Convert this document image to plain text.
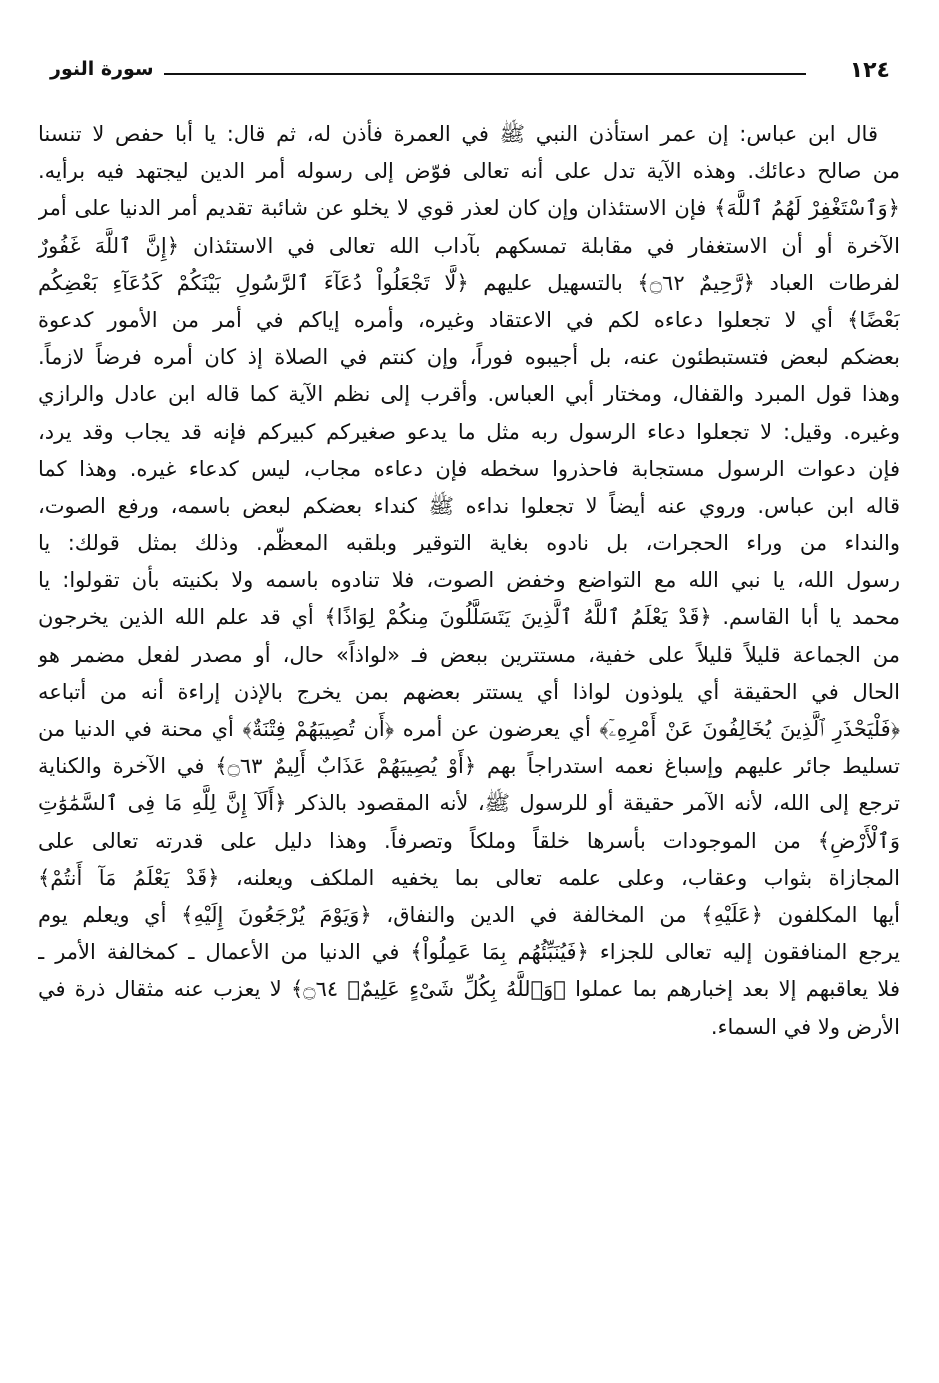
١٢٤
سورة النور
قال ابن عباس: إن عمر استأذن النبي ﷺ في العمرة فأذن له، ثم قال: يا أبا حفص لا تنسنا
من صالح دعائك. وهذه الآية تدل على أنه تعالى فوّض إلى رسوله أمر الدين ليجتهد فيه برأيه.
﴿وَٱسْتَغْفِرْ لَهُمُ ٱللَّهَ﴾ فإن الاستئذان وإن كان لعذر قوي لا يخلو عن شائبة تقديم أمر الدنيا على أمر
الآخرة أو أن الاستغفار في مقابلة تمسكهم بآداب الله تعالى في الاستئذان ﴿إِنَّ ٱللَّهَ غَفُورٌ
لفرطات العباد ﴿رَّحِيمٌ ۝٦٢﴾ بالتسهيل عليهم ﴿لَّا تَجْعَلُواْ دُعَآءَ ٱلرَّسُولِ بَيْنَكُمْ كَدُعَآءِ بَعْضِكُم
بَعْضًا﴾ أي لا تجعلوا دعاءه لكم في الاعتقاد وغيره، وأمره إياكم في أمر من الأمور كدعوة
بعضكم لبعض فتستبطئون عنه، بل أجيبوه فوراً، وإن كنتم في الصلاة إذ كان أمره فرضاً لازماً.
وهذا قول المبرد والقفال، ومختار أبي العباس. وأقرب إلى نظم الآية كما قاله ابن عادل والرازي
وغيره. وقيل: لا تجعلوا دعاء الرسول ربه مثل ما يدعو صغيركم كبيركم فإنه قد يجاب وقد يرد،
فإن دعوات الرسول مستجابة فاحذروا سخطه فإن دعاءه مجاب، ليس كدعاء غيره. وهذا كما
قاله ابن عباس. وروي عنه أيضاً لا تجعلوا نداءه ﷺ كنداء بعضكم لبعض باسمه، ورفع الصوت،
والنداء من وراء الحجرات، بل نادوه بغاية التوقير وبلقبه المعظّم. وذلك بمثل قولك: يا
رسول الله، يا نبي الله مع التواضع وخفض الصوت، فلا تنادوه باسمه ولا بكنيته بأن تقولوا: يا
محمد يا أبا القاسم. ﴿قَدْ يَعْلَمُ ٱللَّهُ ٱلَّذِينَ يَتَسَلَّلُونَ مِنكُمْ لِوَاذًا﴾ أي قد علم الله الذين يخرجون
من الجماعة قليلاً قليلاً على خفية، مستترين ببعض فـ «لواذاً» حال، أو مصدر لفعل مضمر هو
الحال في الحقيقة أي يلوذون لواذا أي يستتر بعضهم بمن يخرج بالإذن إراءة أنه من أتباعه
﴿فَلْيَحْذَرِ ٱلَّذِينَ يُخَالِفُونَ عَنْ أَمْرِهِۦٓ﴾ أي يعرضون عن أمره ﴿أَن تُصِيبَهُمْ فِتْنَةٌ﴾ أي محنة في الدنيا من
تسليط جائر عليهم وإسباغ نعمه استدراجاً بهم ﴿أَوْ يُصِيبَهُمْ عَذَابٌ أَلِيمٌ ۝٦٣﴾ في الآخرة والكناية
ترجع إلى الله، لأنه الآمر حقيقة أو للرسول ﷺ، لأنه المقصود بالذكر ﴿أَلَآ إِنَّ لِلَّهِ مَا فِى ٱلسَّمَٰوَٰتِ
وَٱلْأَرْضِ﴾ من الموجودات بأسرها خلقاً وملكاً وتصرفاً. وهذا دليل على قدرته تعالى على
المجازاة بثواب وعقاب، وعلى علمه تعالى بما يخفيه الملكف ويعلنه، ﴿قَدْ يَعْلَمُ مَآ أَنتُمْ﴾
أيها المكلفون ﴿عَلَيْهِ﴾ من المخالفة في الدين والنفاق، ﴿وَيَوْمَ يُرْجَعُونَ إِلَيْهِ﴾ أي ويعلم يوم
يرجع المنافقون إليه تعالى للجزاء ﴿فَيُنَبِّئُهُم بِمَا عَمِلُواْ﴾ في الدنيا من الأعمال ـ كمخالفة الأمر ـ
فلا يعاقبهم إلا بعد إخبارهم بما عملوا ﴿وَٱللَّهُ بِكُلِّ شَىْءٍ عَلِيمٌۢ ۝٦٤﴾ لا يعزب عنه مثقال ذرة في
الأرض ولا في السماء.
